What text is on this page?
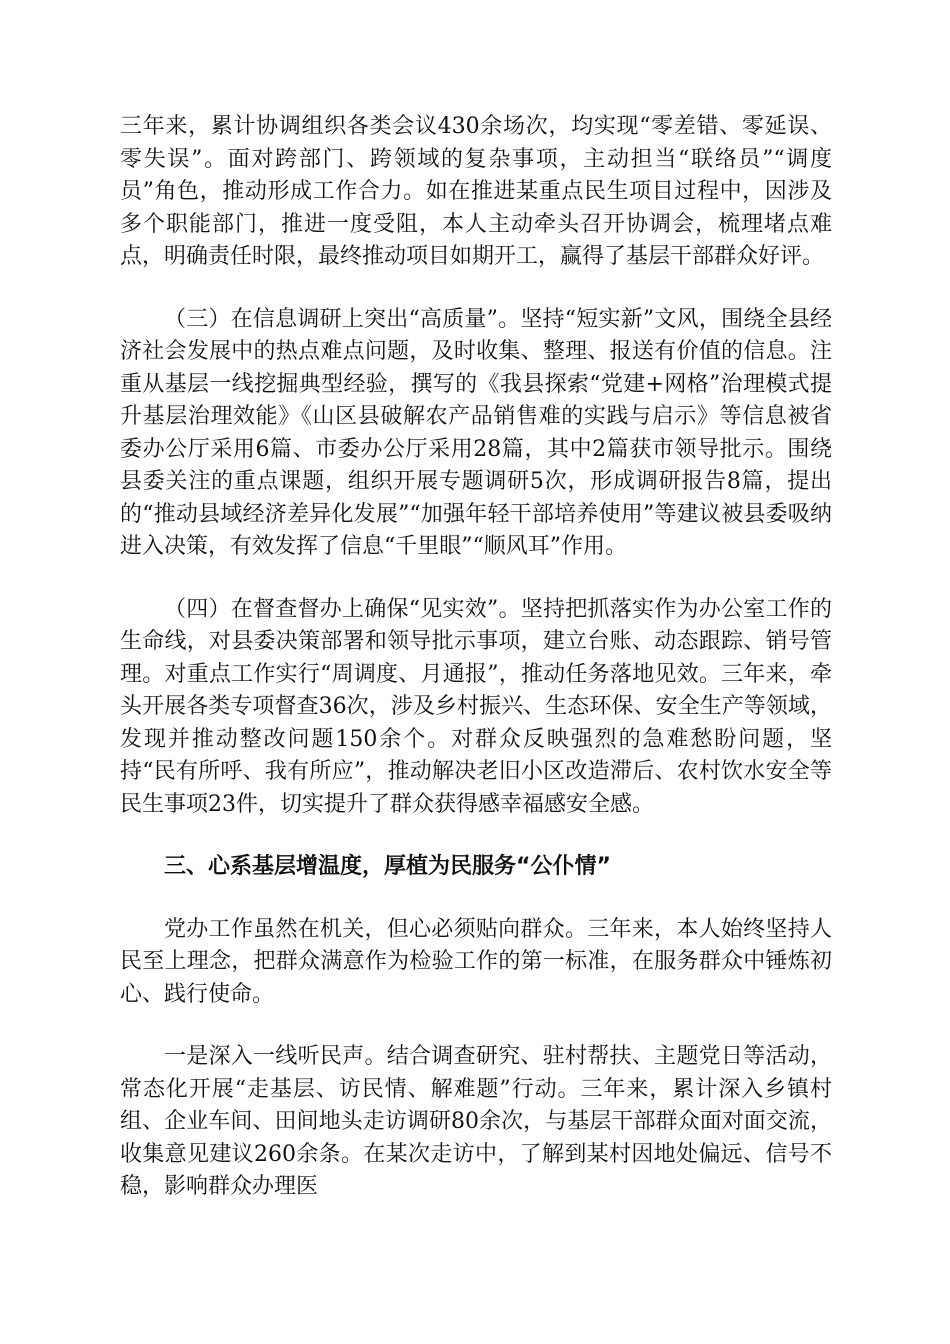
三年来，累计协调组织各类会议430余场次，均实现“零差错、零延误、零失误”。面对跨部门、跨领域的复杂事项，主动担当“联络员”“调度员”角色，推动形成工作合力。如在推进某重点民生项目过程中，因涉及多个职能部门，推进一度受阻，本人主动牵头召开协调会，梳理堵点难点，明确责任时限，最终推动项目如期开工，赢得了基层干部群众好评。

（三）在信息调研上突出“高质量”。坚持“短实新”文风，围绕全县经济社会发展中的热点难点问题，及时收集、整理、报送有价值的信息。注重从基层一线挖掘典型经验，撰写的《我县探索“党建+网格”治理模式提升基层治理效能》《山区县破解农产品销售难的实践与启示》等信息被省委办公厅采用6篇、市委办公厅采用28篇，其中2篇获市领导批示。围绕县委关注的重点课题，组织开展专题调研5次，形成调研报告8篇，提出的“推动县域经济差异化发展”“加强年轻干部培养使用”等建议被县委吸纳进入决策，有效发挥了信息“千里眼”“顺风耳”作用。

（四）在督查督办上确保“见实效”。坚持把抓落实作为办公室工作的生命线，对县委决策部署和领导批示事项，建立台账、动态跟踪、销号管理。对重点工作实行“周调度、月通报”，推动任务落地见效。三年来，牵头开展各类专项督查36次，涉及乡村振兴、生态环保、安全生产等领域，发现并推动整改问题150余个。对群众反映强烈的急难愁盼问题，坚持“民有所呼、我有所应”，推动解决老旧小区改造滞后、农村饮水安全等民生事项23件，切实提升了群众获得感幸福感安全感。

三、心系基层增温度，厚植为民服务“公仆情”

党办工作虽然在机关，但心必须贴向群众。三年来，本人始终坚持人民至上理念，把群众满意作为检验工作的第一标准，在服务群众中锤炼初心、践行使命。

一是深入一线听民声。结合调查研究、驻村帮扶、主题党日等活动，常态化开展“走基层、访民情、解难题”行动。三年来，累计深入乡镇村组、企业车间、田间地头走访调研80余次，与基层干部群众面对面交流，收集意见建议260余条。在某次走访中，了解到某村因地处偏远、信号不稳，影响群众办理医
